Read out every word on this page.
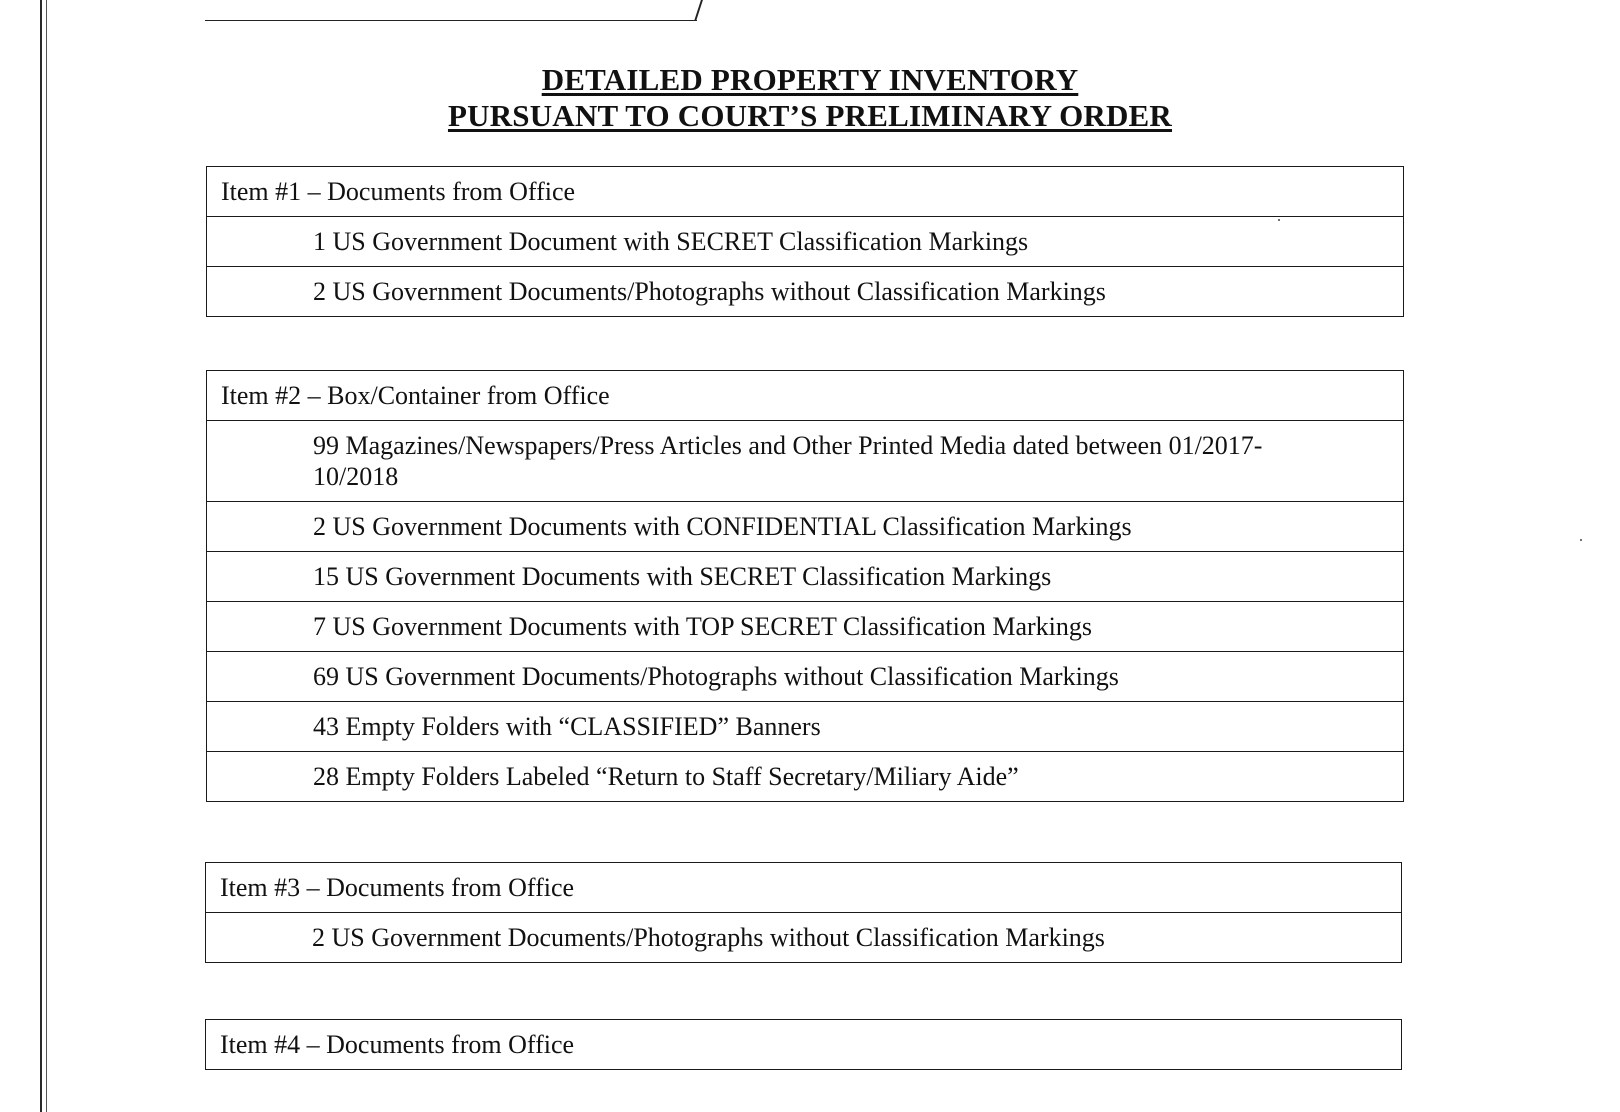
DETAILED PROPERTY INVENTORY
PURSUANT TO COURT’S PRELIMINARY ORDER
Item #1 – Documents from Office

1 US Government Document with SECRET Classification Markings

2 US Government Documents/Photographs without Classification Markings
Item #2 – Box/Container from Office

99 Magazines/Newspapers/Press Articles and Other Printed Media dated between 01/2017-10/2018

2 US Government Documents with CONFIDENTIAL Classification Markings

15 US Government Documents with SECRET Classification Markings

7 US Government Documents with TOP SECRET Classification Markings

69 US Government Documents/Photographs without Classification Markings

43 Empty Folders with “CLASSIFIED” Banners

28 Empty Folders Labeled “Return to Staff Secretary/Miliary Aide”
Item #3 – Documents from Office

2 US Government Documents/Photographs without Classification Markings
Item #4 – Documents from Office
